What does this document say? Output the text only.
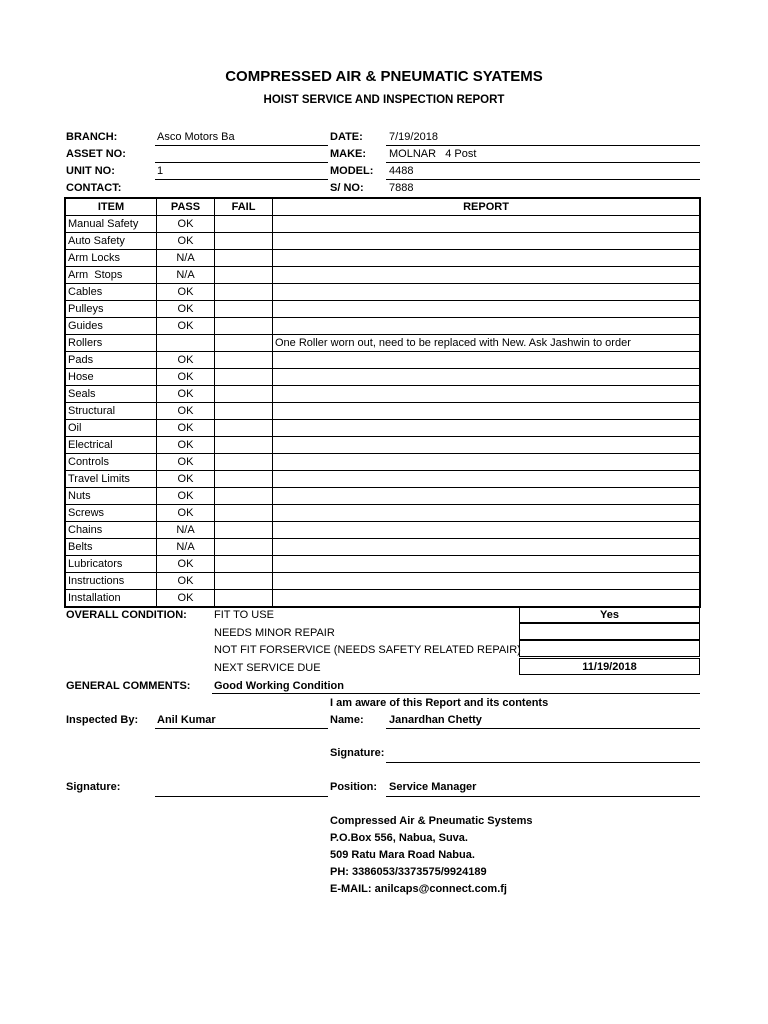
COMPRESSED AIR & PNEUMATIC SYATEMS
HOIST SERVICE AND INSPECTION REPORT
BRANCH:	Asco Motors Ba
ASSET NO:
UNIT NO:	1
CONTACT:
DATE: 7/19/2018
MAKE: MOLNAR   4 Post
MODEL: 4488
S/ NO: 7888
ITEM	PASS	FAIL	REPORT
Manual Safety	OK		
Auto Safety	OK		
Arm Locks	N/A		
Arm  Stops	N/A		
Cables	OK		
Pulleys	OK		
Guides	OK		
Rollers			One Roller worn out, need to be replaced with New. Ask Jashwin to order
Pads	OK		
Hose	OK		
Seals	OK		
Structural	OK		
Oil	OK		
Electrical	OK		
Controls	OK		
Travel Limits	OK		
Nuts	OK		
Screws	OK		
Chains	N/A		
Belts	N/A		
Lubricators	OK		
Instructions	OK		
Installation	OK		
OVERALL CONDITION: FIT TO USE	Yes
NEEDS MINOR REPAIR
NOT FIT FORSERVICE (NEEDS SAFETY RELATED REPAIR)
NEXT SERVICE DUE	11/19/2018
GENERAL COMMENTS: Good Working Condition
I am aware of this Report and its contents
Inspected By: Anil Kumar	Name: Janardhan Chetty
Signature:
Signature:	Position: Service Manager
Compressed Air & Pneumatic Systems
P.O.Box 556, Nabua, Suva.
509 Ratu Mara Road Nabua.
PH: 3386053/3373575/9924189
E-MAIL: anilcaps@connect.com.fj
